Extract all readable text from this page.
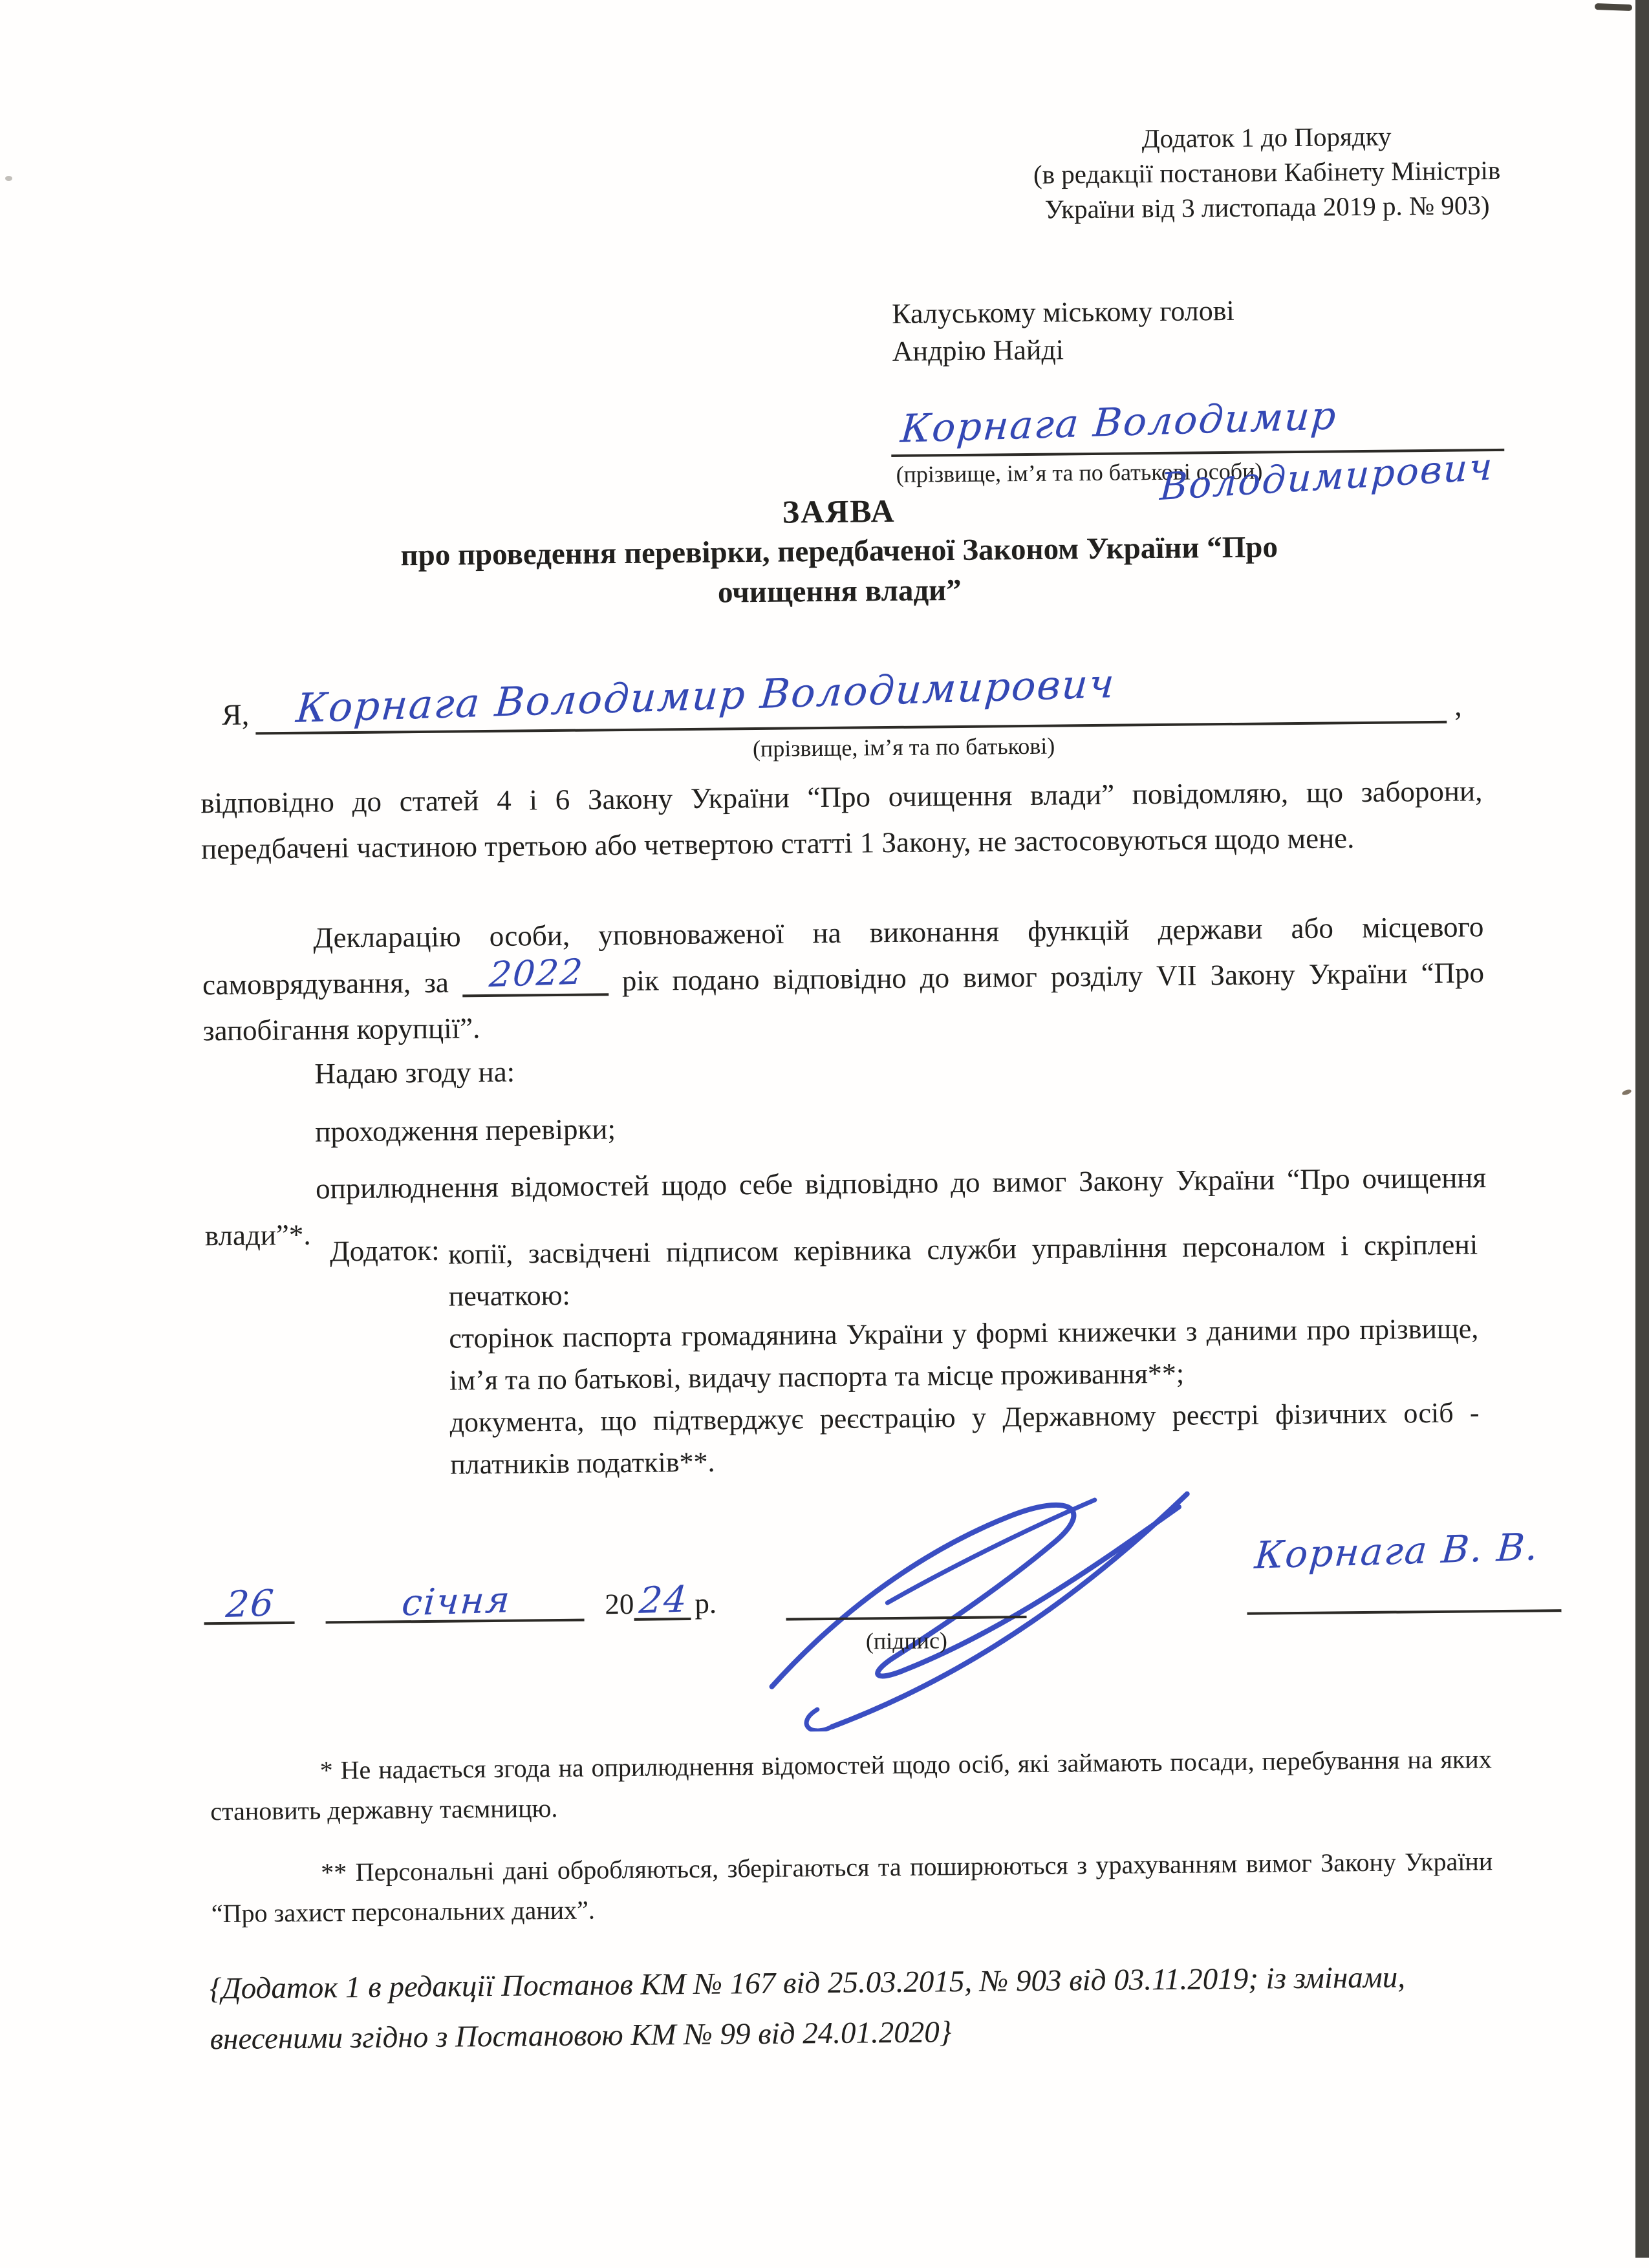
Додаток 1 до Порядку
(в редакції постанови Кабінету Міністрів
України від 3 листопада 2019 р. № 903)
Калуському міському голові
Андрію Найді
Корнага Володимир
(прізвище, ім’я та по батькові особи)
Володимирович
ЗАЯВА
про проведення перевірки, передбаченої Законом України “Про
очищення влади”
Я, Корнага Володимир Володимирович	,
(прізвище, ім’я та по батькові)
відповідно до статей 4 і 6 Закону України “Про очищення влади” повідомляю, що заборони, передбачені частиною третьою або четвертою статті 1 Закону, не застосовуються щодо мене.
Декларацію особи, уповноваженої на виконання функцій держави або місцевого самоврядування, за 2022 рік подано відповідно до вимог розділу VII Закону України “Про запобігання корупції”.
Надаю згоду на:
проходження перевірки;
оприлюднення відомостей щодо себе відповідно до вимог Закону України “Про очищення влади”*. Додаток: копії, засвідчені підписом керівника служби управління персоналом і скріплені печаткою:
сторінок паспорта громадянина України у формі книжечки з даними про прізвище, ім’я та по батькові, видачу паспорта та місце проживання**;
документа, що підтверджує реєстрацію у Державному реєстрі фізичних осіб - платників податків**.
26	січня	20 24 р.
(підпис)
Корнага В. В.
* Не надається згода на оприлюднення відомостей щодо осіб, які займають посади, перебування на яких становить державну таємницю.
** Персональні дані обробляються, зберігаються та поширюються з урахуванням вимог Закону України “Про захист персональних даних”.
{Додаток 1 в редакції Постанов КМ № 167 від 25.03.2015, № 903 від 03.11.2019; із змінами,
внесеними згідно з Постановою КМ № 99 від 24.01.2020}
